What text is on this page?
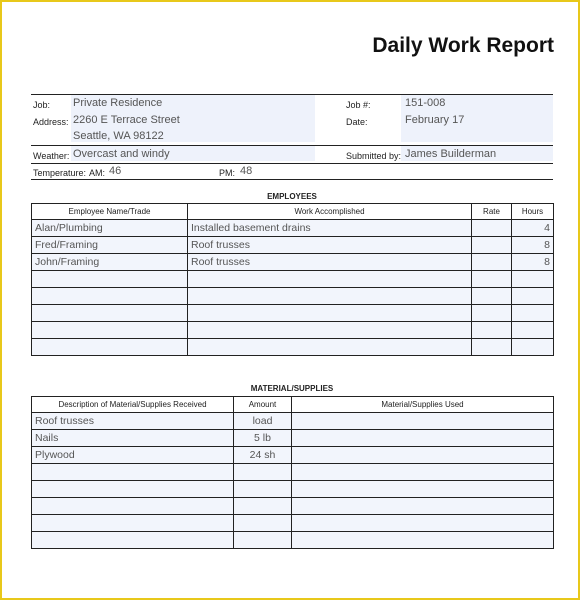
Daily Work Report
Job: Private Residence
Address: 2260 E Terrace Street
Seattle, WA 98122
Job #:	151-008
Date:	February 17
Weather: Overcast and windy	Submitted by: James Builderman
Temperature: AM: 46	PM: 48
EMPLOYEES
Employee Name/Trade	Work Accomplished	Rate	Hours
Alan/Plumbing	Installed basement drains		4
Fred/Framing	Roof trusses		8
John/Framing	Roof trusses		8

MATERIAL/SUPPLIES
Description of Material/Supplies Received	Amount	Material/Supplies Used
Roof trusses	load	
Nails	5 lb	
Plywood	24 sh	
